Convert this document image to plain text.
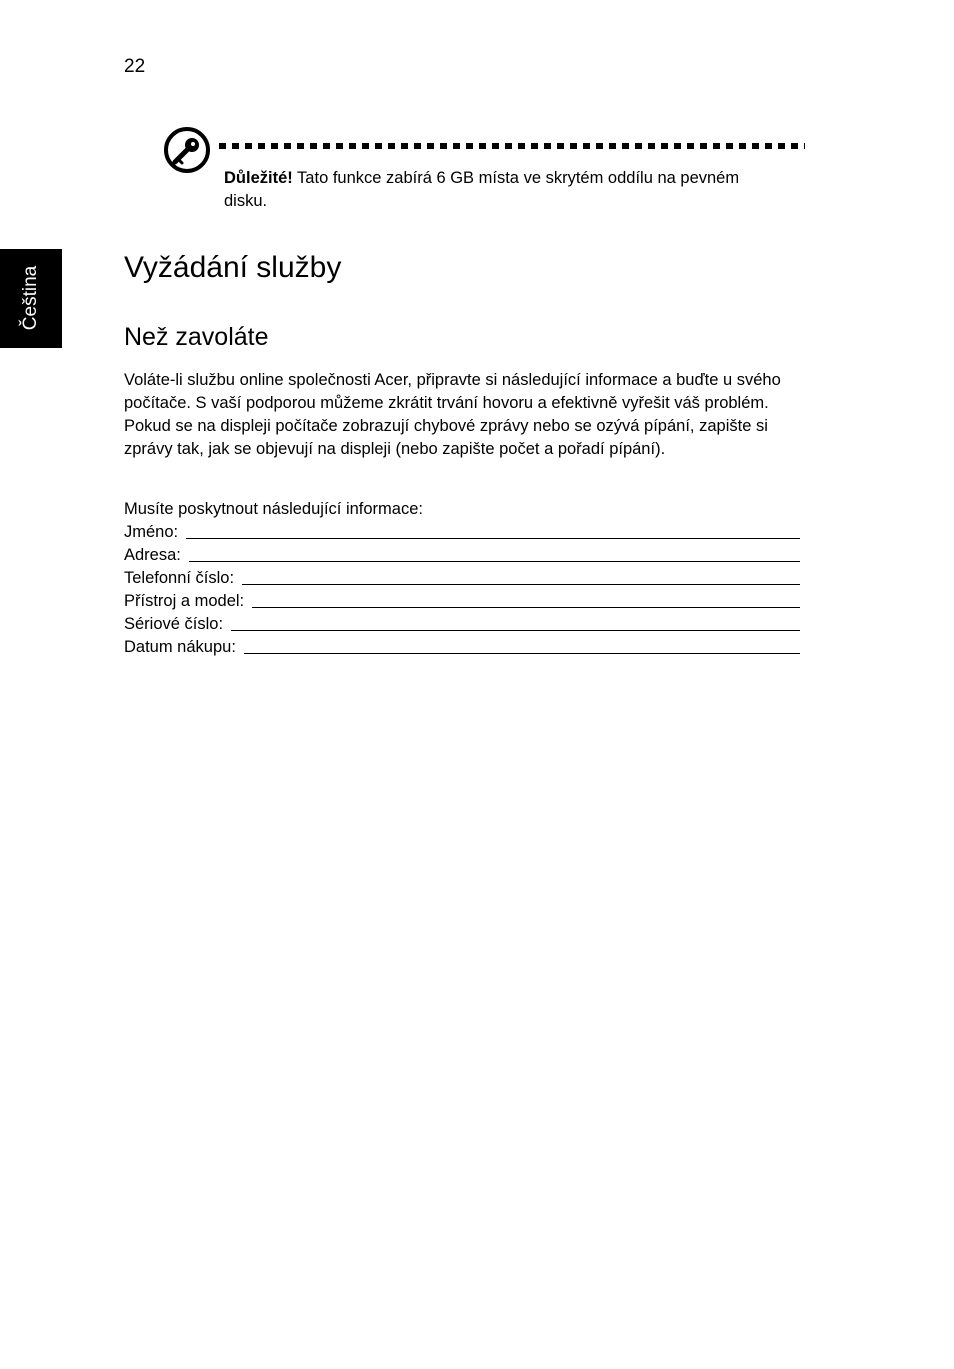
22
Čeština
Důležité! Tato funkce zabírá 6 GB místa ve skrytém oddílu na pevném disku.
Vyžádání služby
Než zavoláte

Voláte-li službu online společnosti Acer, připravte si následující informace a buďte u svého počítače. S vaší podporou můžeme zkrátit trvání hovoru a efektivně vyřešit váš problém. Pokud se na displeji počítače zobrazují chybové zprávy nebo se ozývá pípání, zapište si zprávy tak, jak se objevují na displeji (nebo zapište počet a pořadí pípání).

Musíte poskytnout následující informace:

Jméno:
Adresa:
Telefonní číslo:
Přístroj a model:
Sériové číslo:
Datum nákupu:
